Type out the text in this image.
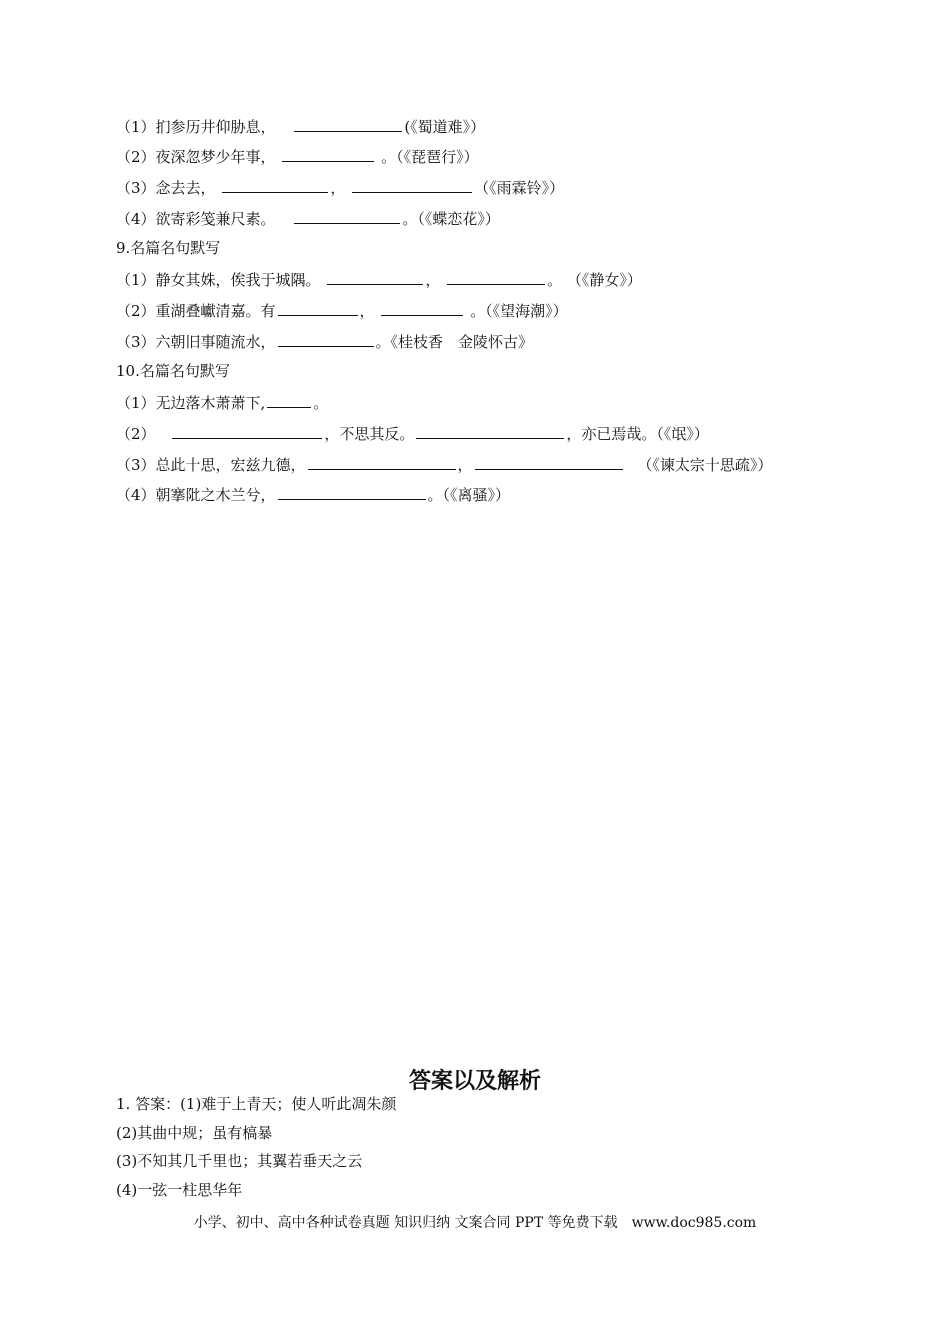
（1）扪参历井仰胁息，	(《蜀道难》）
（2）夜深忽梦少年事，	。（《琵琶行》）
（3）念去去，	，	（《雨霖铃》）
（4）欲寄彩笺兼尺素。	。（《蝶恋花》）
9.名篇名句默写
（1）静女其姝，俟我于城隅。	，	。 （《静女》）
（2）重湖叠巘清嘉。有	，	。（《望海潮》）
（3）六朝旧事随流水，	。《桂枝香　金陵怀古》
10.名篇名句默写
（1）无边落木萧萧下,	。
（2）	，不思其反。	，亦已焉哉。（《氓》）
（3）总此十思，宏兹九德，	，	（《谏太宗十思疏》）
（4）朝搴阰之木兰兮，	。（《离骚》）
答案以及解析
1. 答案：(1)难于上青天；使人听此凋朱颜
(2)其曲中规；虽有槁暴
(3)不知其几千里也；其翼若垂天之云
(4)一弦一柱思华年
小学、初中、高中各种试卷真题 知识归纳 文案合同 PPT 等免费下载　www.doc985.com
